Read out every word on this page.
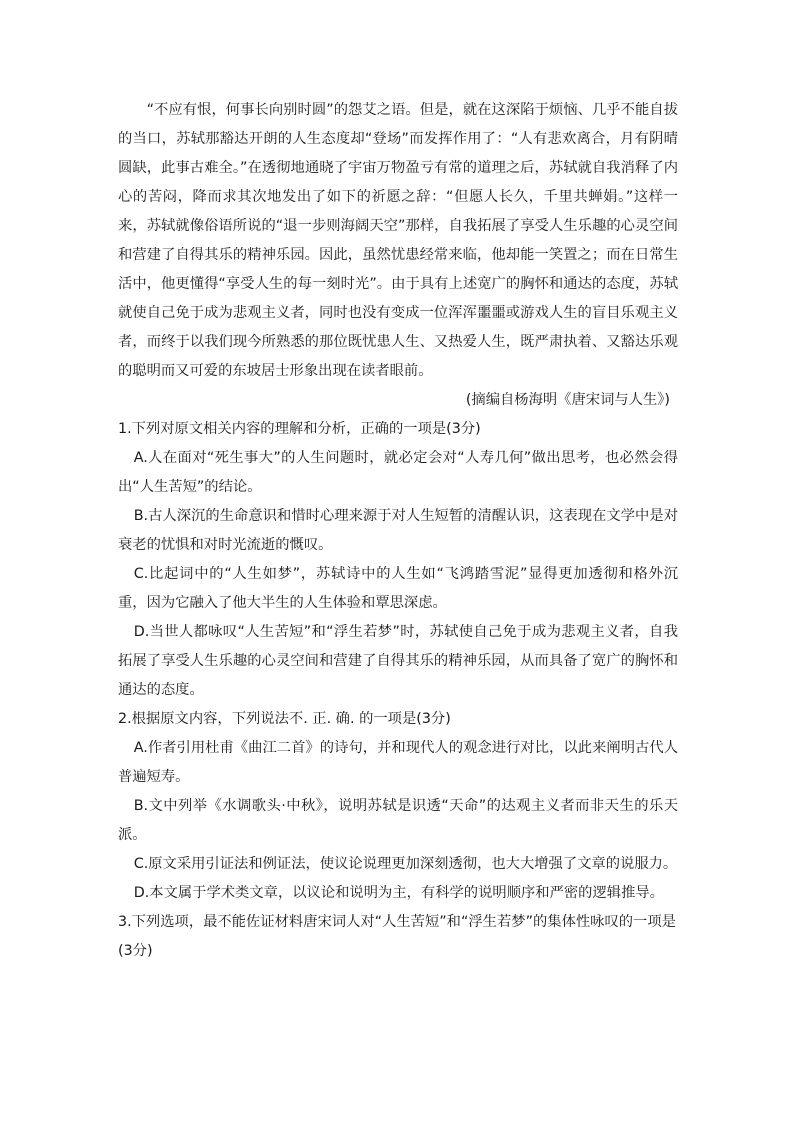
“不应有恨，何事长向别时圆”的怨艾之语。但是，就在这深陷于烦恼、几乎不能自拔的当口，苏轼那豁达开朗的人生态度却“登场”而发挥作用了：“人有悲欢离合，月有阴晴圆缺，此事古难全。”在透彻地通晓了宇宙万物盈亏有常的道理之后，苏轼就自我消释了内心的苦闷，降而求其次地发出了如下的祈愿之辞：“但愿人长久，千里共蝉娟。”这样一来，苏轼就像俗语所说的“退一步则海阔天空”那样，自我拓展了享受人生乐趣的心灵空间和营建了自得其乐的精神乐园。因此，虽然忧患经常来临，他却能一笑置之；而在日常生活中，他更懂得“享受人生的每一刻时光”。由于具有上述宽广的胸怀和通达的态度，苏轼就使自己免于成为悲观主义者，同时也没有变成一位浑浑噩噩或游戏人生的盲目乐观主义者，而终于以我们现今所熟悉的那位既忧患人生、又热爱人生，既严肃执着、又豁达乐观的聪明而又可爱的东坡居士形象出现在读者眼前。

(摘编自杨海明《唐宋词与人生》)

1.下列对原文相关内容的理解和分析，正确的一项是(3分)

A.人在面对“死生事大”的人生问题时，就必定会对“人寿几何”做出思考，也必然会得出“人生苦短”的结论。

B.古人深沉的生命意识和惜时心理来源于对人生短暂的清醒认识，这表现在文学中是对衰老的忧惧和对时光流逝的慨叹。

C.比起词中的“人生如梦”，苏轼诗中的人生如“飞鸿踏雪泥”显得更加透彻和格外沉重，因为它融入了他大半生的人生体验和覃思深虑。

D.当世人都咏叹“人生苦短”和“浮生若梦”时，苏轼使自己免于成为悲观主义者，自我拓展了享受人生乐趣的心灵空间和营建了自得其乐的精神乐园，从而具备了宽广的胸怀和通达的态度。

2.根据原文内容，下列说法不. 正. 确. 的一项是(3分)

A.作者引用杜甫《曲江二首》的诗句，并和现代人的观念进行对比，以此来阐明古代人普遍短寿。

B.文中列举《水调歌头·中秋》，说明苏轼是识透“天命”的达观主义者而非天生的乐天派。

C.原文采用引证法和例证法，使议论说理更加深刻透彻，也大大增强了文章的说服力。

D.本文属于学术类文章，以议论和说明为主，有科学的说明顺序和严密的逻辑推导。

3.下列选项，最不能佐证材料唐宋词人对“人生苦短”和“浮生若梦”的集体性咏叹的一项是(3分)
